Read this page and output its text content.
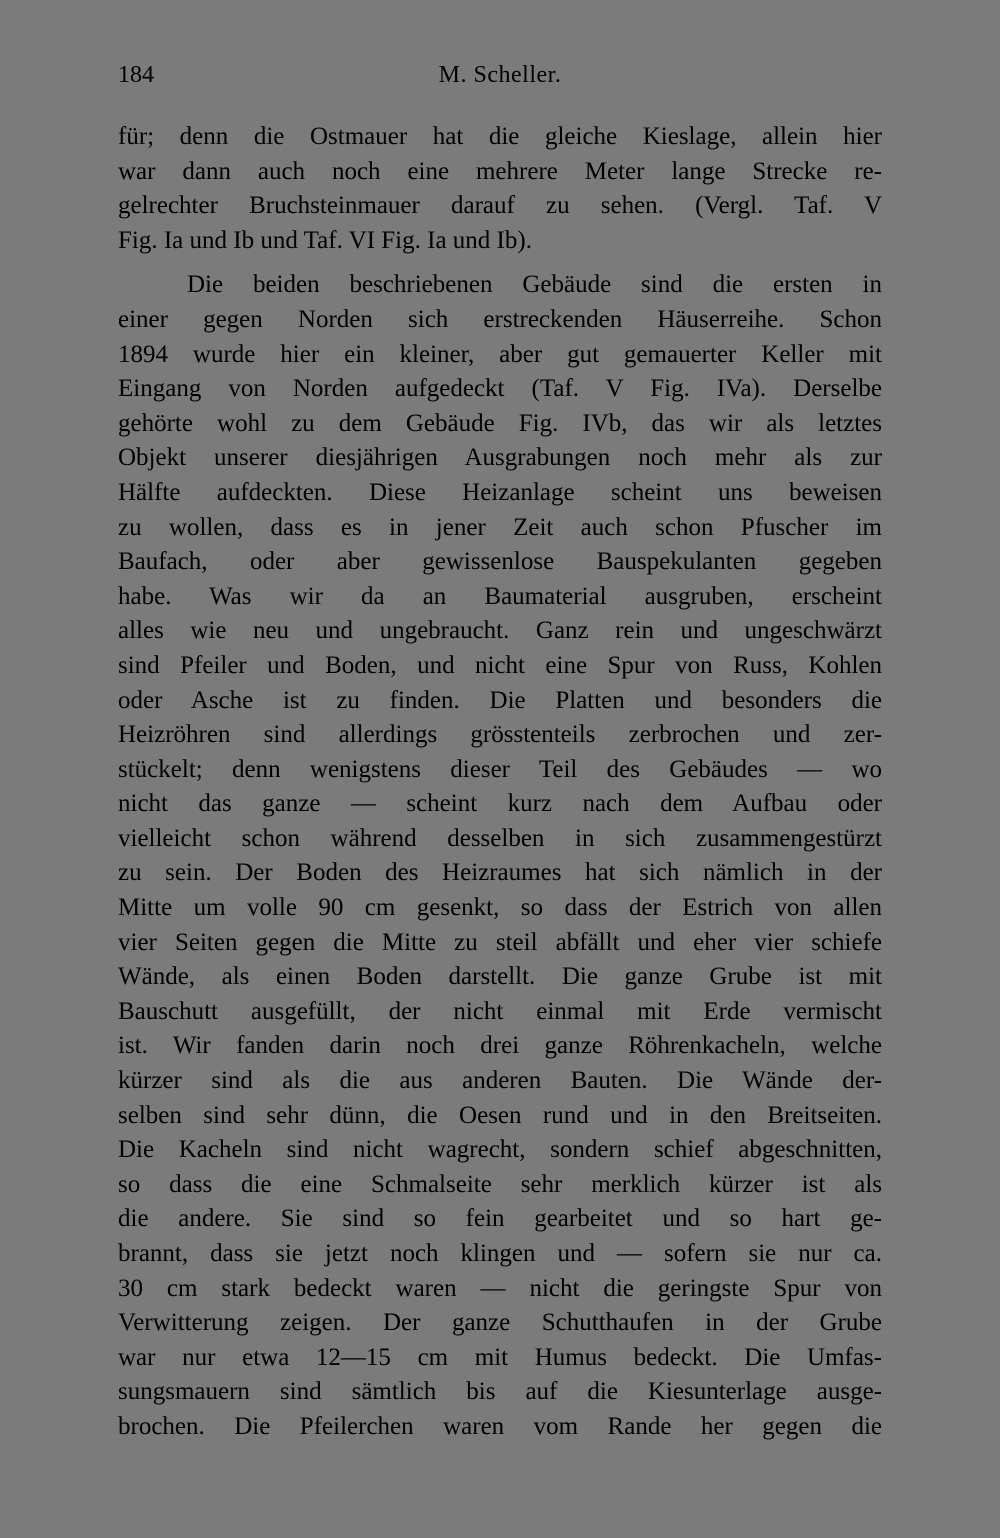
184	M. Scheller.
für; denn die Ostmauer hat die gleiche Kieslage, allein hier
war dann auch noch eine mehrere Meter lange Strecke re-
gelrechter Bruchsteinmauer darauf zu sehen. (Vergl. Taf. V
Fig. Ia und Ib und Taf. VI Fig. Ia und Ib).
Die beiden beschriebenen Gebäude sind die ersten in
einer gegen Norden sich erstreckenden Häuserreihe. Schon
1894 wurde hier ein kleiner, aber gut gemauerter Keller mit
Eingang von Norden aufgedeckt (Taf. V Fig. IVa). Derselbe
gehörte wohl zu dem Gebäude Fig. IVb, das wir als letztes
Objekt unserer diesjährigen Ausgrabungen noch mehr als zur
Hälfte aufdeckten. Diese Heizanlage scheint uns beweisen
zu wollen, dass es in jener Zeit auch schon Pfuscher im
Baufach, oder aber gewissenlose Bauspekulanten gegeben
habe. Was wir da an Baumaterial ausgruben, erscheint
alles wie neu und ungebraucht. Ganz rein und ungeschwärzt
sind Pfeiler und Boden, und nicht eine Spur von Russ, Kohlen
oder Asche ist zu finden. Die Platten und besonders die
Heizröhren sind allerdings grösstenteils zerbrochen und zer-
stückelt; denn wenigstens dieser Teil des Gebäudes — wo
nicht das ganze — scheint kurz nach dem Aufbau oder
vielleicht schon während desselben in sich zusammengestürzt
zu sein. Der Boden des Heizraumes hat sich nämlich in der
Mitte um volle 90 cm gesenkt, so dass der Estrich von allen
vier Seiten gegen die Mitte zu steil abfällt und eher vier schiefe
Wände, als einen Boden darstellt. Die ganze Grube ist mit
Bauschutt ausgefüllt, der nicht einmal mit Erde vermischt
ist. Wir fanden darin noch drei ganze Röhrenkacheln, welche
kürzer sind als die aus anderen Bauten. Die Wände der-
selben sind sehr dünn, die Oesen rund und in den Breitseiten.
Die Kacheln sind nicht wagrecht, sondern schief abgeschnitten,
so dass die eine Schmalseite sehr merklich kürzer ist als
die andere. Sie sind so fein gearbeitet und so hart ge-
brannt, dass sie jetzt noch klingen und — sofern sie nur ca.
30 cm stark bedeckt waren — nicht die geringste Spur von
Verwitterung zeigen. Der ganze Schutthaufen in der Grube
war nur etwa 12—15 cm mit Humus bedeckt. Die Umfas-
sungsmauern sind sämtlich bis auf die Kiesunterlage ausge-
brochen. Die Pfeilerchen waren vom Rande her gegen die
